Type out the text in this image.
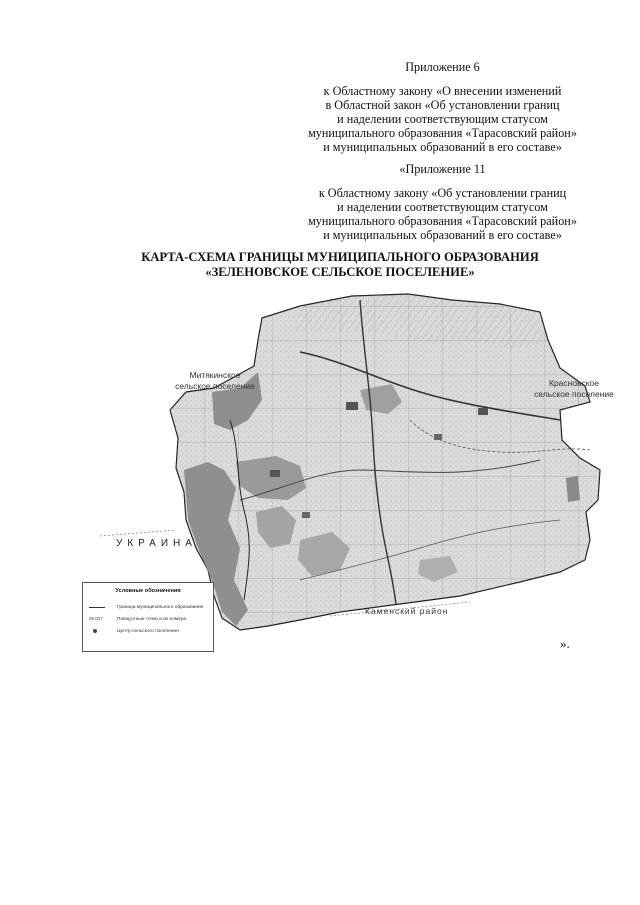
Приложение 6
к Областному закону «О внесении изменений
в Областной закон «Об установлении границ
и наделении соответствующим статусом
муниципального образования «Тарасовский район»
и муниципальных образований в его составе»
«Приложение 11
к Областному закону «Об установлении границ
и наделении соответствующим статусом
муниципального образования «Тарасовский район»
и муниципальных образований в его составе»
КАРТА-СХЕМА ГРАНИЦЫ МУНИЦИПАЛЬНОГО ОБРАЗОВАНИЯ
«ЗЕЛЕНОВСКОЕ СЕЛЬСКОЕ ПОСЕЛЕНИЕ»
Митякинское
сельское поселение	Красновское
сельское поселение
УКРАИНА
Каменский район
Условные обозначения
Граница муниципального образования
25 017	Поворотные точки и их номера
Центр сельского поселения
».
